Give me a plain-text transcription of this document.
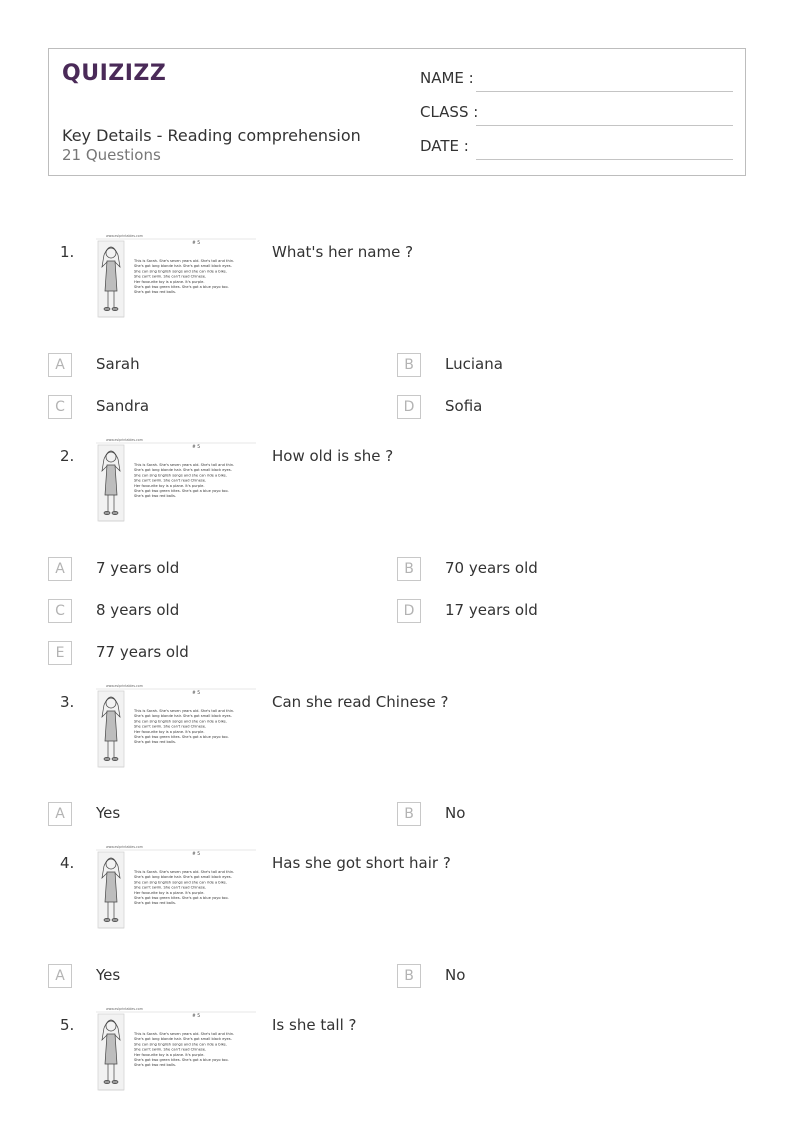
QUIZIZZ
Key Details - Reading comprehension
21 Questions
NAME :
CLASS :
DATE :
1.
www.eslprintables.com
# 5
This is Sarah. She's seven years old. She's tall and thin.
She's got long blonde hair. She's got small black eyes.
She can sing English songs and she can ride a bike.
She can't swim. She can't read Chinese.
Her favourite toy is a plane. It's purple.
She's got two green kites. She's got a blue yoyo too.
She's got two red balls.
What's her name ?
A	Sarah	B	Luciana
C	Sandra	D	Sofia
2.
www.eslprintables.com
# 5
This is Sarah. She's seven years old. She's tall and thin.
She's got long blonde hair. She's got small black eyes.
She can sing English songs and she can ride a bike.
She can't swim. She can't read Chinese.
Her favourite toy is a plane. It's purple.
She's got two green kites. She's got a blue yoyo too.
She's got two red balls.
How old is she ?
A	7 years old	B	70 years old
C	8 years old	D	17 years old
E	77 years old
3.
www.eslprintables.com
# 5
This is Sarah. She's seven years old. She's tall and thin.
She's got long blonde hair. She's got small black eyes.
She can sing English songs and she can ride a bike.
She can't swim. She can't read Chinese.
Her favourite toy is a plane. It's purple.
She's got two green kites. She's got a blue yoyo too.
She's got two red balls.
Can she read Chinese ?
A	Yes	B	No
4.
www.eslprintables.com
# 5
This is Sarah. She's seven years old. She's tall and thin.
She's got long blonde hair. She's got small black eyes.
She can sing English songs and she can ride a bike.
She can't swim. She can't read Chinese.
Her favourite toy is a plane. It's purple.
She's got two green kites. She's got a blue yoyo too.
She's got two red balls.
Has she got short hair ?
A	Yes	B	No
5.
www.eslprintables.com
# 5
This is Sarah. She's seven years old. She's tall and thin.
She's got long blonde hair. She's got small black eyes.
She can sing English songs and she can ride a bike.
She can't swim. She can't read Chinese.
Her favourite toy is a plane. It's purple.
She's got two green kites. She's got a blue yoyo too.
She's got two red balls.
Is she tall ?
